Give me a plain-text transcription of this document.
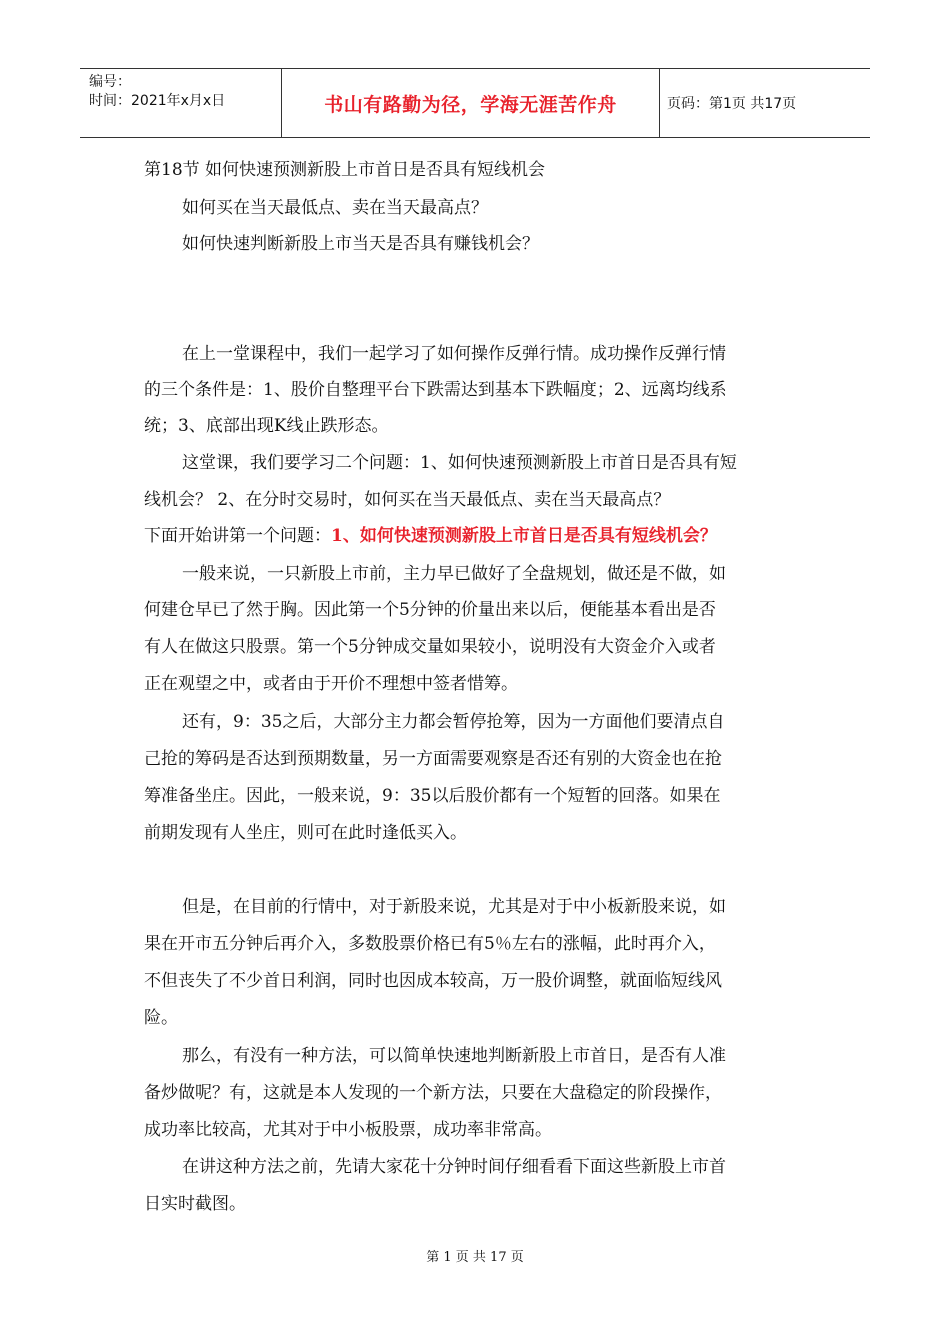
编号：
时间：2021年x月x日	书山有路勤为径，学海无涯苦作舟	页码：第1页 共17页
第18节 如何快速预测新股上市首日是否具有短线机会
如何买在当天最低点、卖在当天最高点？
如何快速判断新股上市当天是否具有赚钱机会？
在上一堂课程中，我们一起学习了如何操作反弹行情。成功操作反弹行情
的三个条件是：1、股价自整理平台下跌需达到基本下跌幅度；2、远离均线系
统；3、底部出现K线止跌形态。
这堂课，我们要学习二个问题：1、如何快速预测新股上市首日是否具有短
线机会？ 2、在分时交易时，如何买在当天最低点、卖在当天最高点？
下面开始讲第一个问题：1、如何快速预测新股上市首日是否具有短线机会？
一般来说，一只新股上市前，主力早已做好了全盘规划，做还是不做，如
何建仓早已了然于胸。因此第一个5分钟的价量出来以后，便能基本看出是否
有人在做这只股票。第一个5分钟成交量如果较小，说明没有大资金介入或者
正在观望之中，或者由于开价不理想中签者惜筹。
还有，9：35之后，大部分主力都会暂停抢筹，因为一方面他们要清点自
己抢的筹码是否达到预期数量，另一方面需要观察是否还有别的大资金也在抢
筹准备坐庄。因此，一般来说，9：35以后股价都有一个短暂的回落。如果在
前期发现有人坐庄，则可在此时逢低买入。
但是，在目前的行情中，对于新股来说，尤其是对于中小板新股来说，如
果在开市五分钟后再介入，多数股票价格已有5％左右的涨幅，此时再介入，
不但丧失了不少首日利润，同时也因成本较高，万一股价调整，就面临短线风
险。
那么，有没有一种方法，可以简单快速地判断新股上市首日，是否有人准
备炒做呢？有，这就是本人发现的一个新方法，只要在大盘稳定的阶段操作，
成功率比较高，尤其对于中小板股票，成功率非常高。
在讲这种方法之前，先请大家花十分钟时间仔细看看下面这些新股上市首
日实时截图。
第 1 页 共 17 页
